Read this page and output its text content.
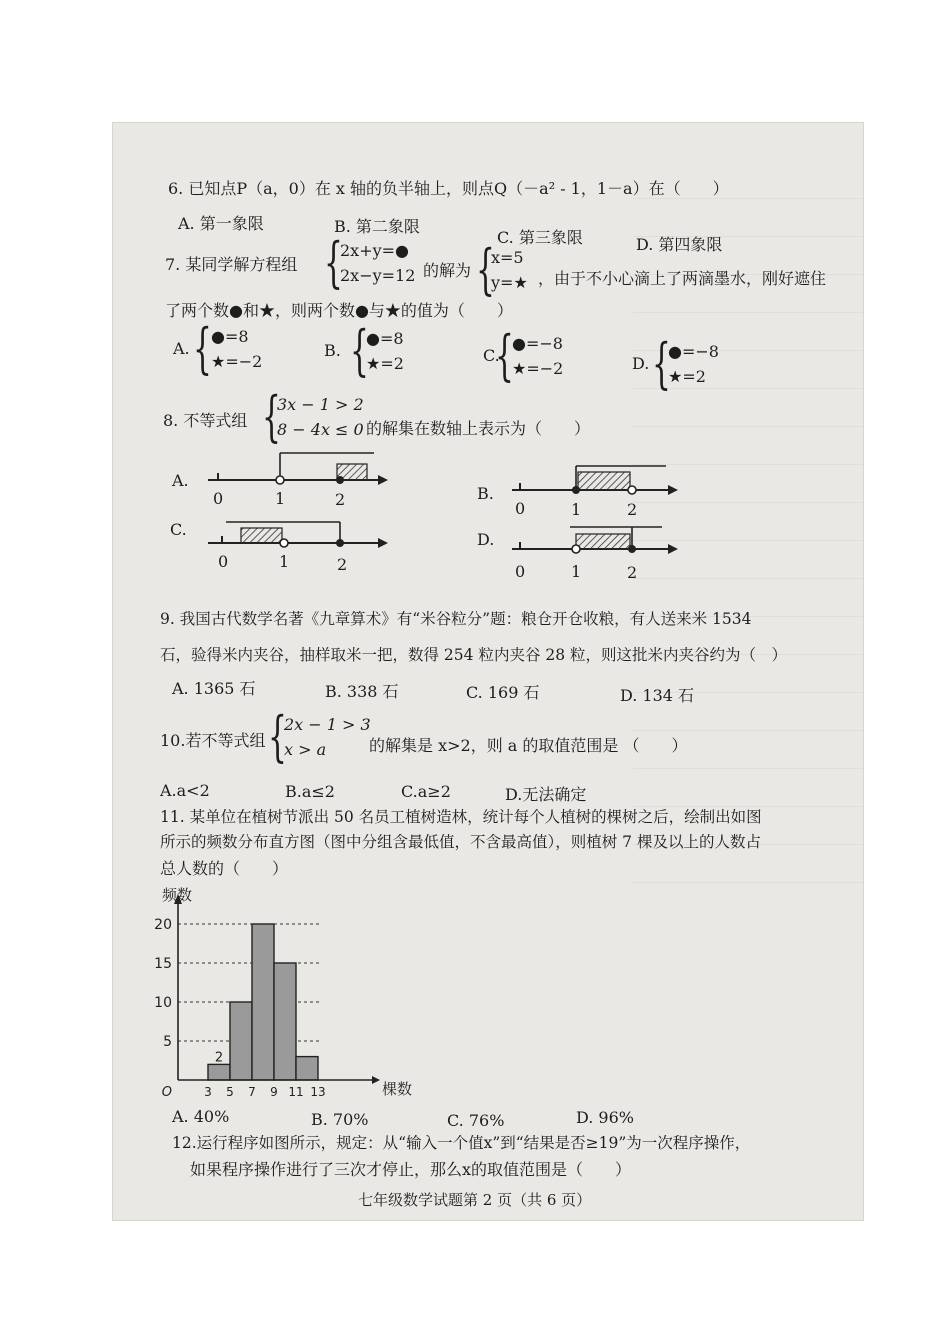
6. 已知点P（a，0）在 x 轴的负半轴上，则点Q（－a² - 1，1－a）在（　　）
A. 第一象限	B. 第二象限
C. 第三象限	D. 第四象限
7. 某同学解方程组 {
2x+y=●
2x−y=12 的解为 {
x=5
y=★ ，由于不小心滴上了两滴墨水，刚好遮住
了两个数●和★，则两个数●与★的值为（　　）
A. { ●=8
★=−2
B. {
●=8
★=2	C.
{
●=−8
★=−2	D. {
●=−8
★=2
8. 不等式组 {
3x − 1 > 2
8 − 4x ≤ 0 的解集在数轴上表示为（　　）
A.
0	1	2	B.
0	1	2
C.
0	1	2
D.
0	1	2
9. 我国古代数学名著《九章算术》有“米谷粒分”题：粮仓开仓收粮，有人送来米 1534
石，验得米内夹谷，抽样取米一把，数得 254 粒内夹谷 28 粒，则这批米内夹谷约为（　）
A. 1365 石	B. 338 石	C. 169 石	D. 134 石
10.若不等式组 {
2x − 1 > 3
x > a	的解集是 x>2，则 a 的取值范围是 （　　）
A.a<2	B.a≤2	C.a≥2	D.无法确定
11. 某单位在植树节派出 50 名员工植树造林，统计每个人植树的棵树之后，绘制出如图
所示的频数分布直方图（图中分组含最低值，不含最高值），则植树 7 棵及以上的人数占
总人数的（　　）
5
10
15
20
3 5 7 9 11 13
O
2
频数
棵数
A. 40%	B. 70%	C. 76%	D. 96%
12.运行程序如图所示，规定：从“输入一个值x”到“结果是否≥19”为一次程序操作，
如果程序操作进行了三次才停止，那么x的取值范围是（　　）
七年级数学试题第 2 页（共 6 页）
